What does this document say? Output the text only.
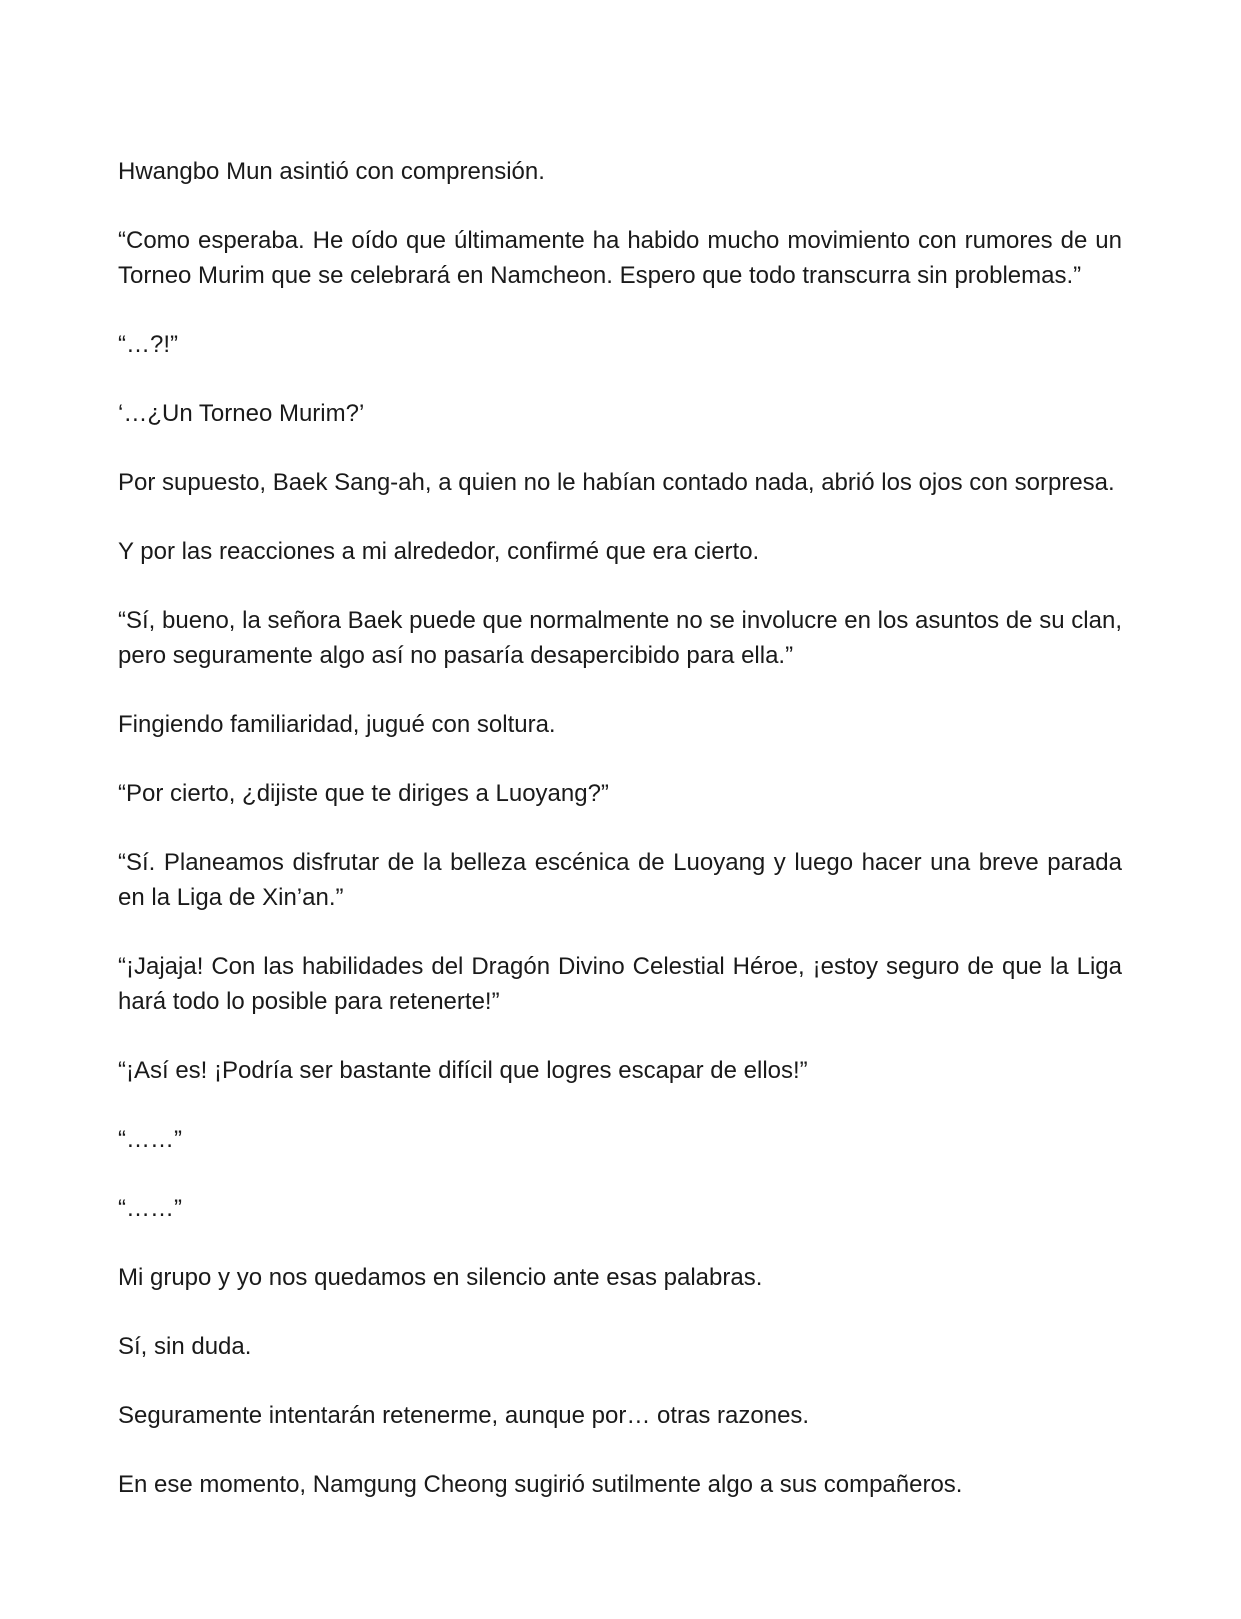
Hwangbo Mun asintió con comprensión.

“Como esperaba. He oído que últimamente ha habido mucho movimiento con rumores de un Torneo Murim que se celebrará en Namcheon. Espero que todo transcurra sin problemas.”

“…?!”

‘…¿Un Torneo Murim?’

Por supuesto, Baek Sang-ah, a quien no le habían contado nada, abrió los ojos con sorpresa.

Y por las reacciones a mi alrededor, confirmé que era cierto.

“Sí, bueno, la señora Baek puede que normalmente no se involucre en los asuntos de su clan, pero seguramente algo así no pasaría desapercibido para ella.”

Fingiendo familiaridad, jugué con soltura.

“Por cierto, ¿dijiste que te diriges a Luoyang?”

“Sí. Planeamos disfrutar de la belleza escénica de Luoyang y luego hacer una breve parada en la Liga de Xin’an.”

“¡Jajaja! Con las habilidades del Dragón Divino Celestial Héroe, ¡estoy seguro de que la Liga hará todo lo posible para retenerte!”

“¡Así es! ¡Podría ser bastante difícil que logres escapar de ellos!”

“……”

“……”

Mi grupo y yo nos quedamos en silencio ante esas palabras.

Sí, sin duda.

Seguramente intentarán retenerme, aunque por… otras razones.

En ese momento, Namgung Cheong sugirió sutilmente algo a sus compañeros.
